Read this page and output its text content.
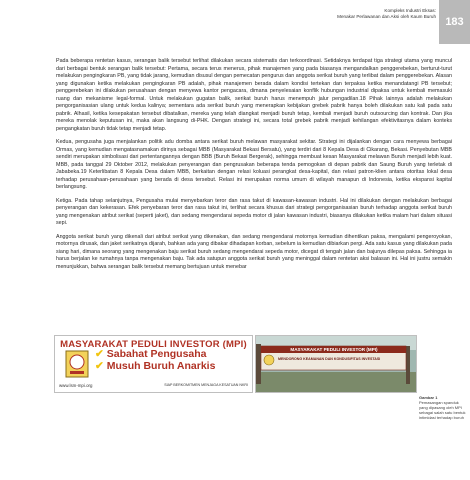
Kompleks Industri Eksas:
Menakar Perlawanan dan Aksi oleh Kaum Buruh 183

Pada beberapa rentetan kasus, serangan balik tersebut terlihat dilakukan secara sistematis dan terkoordinasi. Setidaknya terdapat tiga strategi utama yang muncul dari berbagai bentuk serangan balik tersebut: Pertama, secara terus menerus, pihak manajemen yang pada biasanya mengandalkan penggerebekan, berturut-turut melakukan pengingkaran PB, yang tidak jarang, kemudian disusul dengan pemecatan pengurus dan anggota serikat buruh yang terlibat dalam penggerebekan. Alasan yang digunakan ketika melakukan pengingkaran PB adalah, pihak manajemen berada dalam kondisi tertekan dan terpaksa ketika menandatangi PB tersebut; penggerebekan ini dilakukan perusahaan dengan menyewa kantor pengacara, dimana penyelesaian konflik hubungan industrial dipaksa untuk kembali memasuki ruang dan mekanisme legal-formal. Untuk melakukan gugatan balik, serikat buruh harus menempuh jalur pengadilan.18 Pihak lainnya adalah melakukan pengorganisasian ulang untuk kedua kalinya; sementara ada serikat buruh yang menerapkan kebijakan grebek pabrik hanya boleh dilakukan satu kali pada satu pabrik. Alhasil, ketika kesepakatan tersebut dibatalkan, mereka yang telah diangkat menjadi buruh tetap, kembali menjadi buruh outsourcing dan kontrak. Dan jika mereka menolak keputusan ini, maka akan langsung di-PHK. Dengan strategi ini, secara total grebek pabrik menjadi kehilangan efektivitasnya dalam konteks pengangkatan buruh tidak tetap menjadi tetap.

Kedua, pengusaha juga menjalankan politik adu domba antara serikat buruh melawan masyarakat sekitar. Strategi ini dijalankan dengan cara menyewa berbagai Ormas, yang kemudian mengatasnamakan dirinya sebagai MBB (Masyarakat Bekasi Bersatu), yang terdiri dari 8 Kepala Desa di Cikarang, Bekasi. Penyebutan MBB sendiri merupakan simbolisasi dari pertentangannya dengan BBB (Buruh Bekasi Bergerak), sehingga membuat kesan Masyarakat melawan Buruh menjadi lebih kuat. MBB, pada tanggal 29 Oktober 2012, melakukan penyerangan dan pengrusakan beberapa tenda pemogokan di depan pabrik dan Saung Buruh yang terletak di Jababeka.19 Keterlibatan 8 Kepala Desa dalam MBB, berkaitan dengan relasi koluasi perangkat desa-kapital, dan relasi patron-klien antara otoritas lokal desa terhadap perusahaan-perusahaan yang berada di desa tersebut. Relasi ini merupakan norma umum di wilayah manapun di Indonesia, ketika ekspansi kapital berlangsung.

Ketiga. Pada tahap selanjutnya, Pengusaha mulai menyebarkan teror dan rasa takut di kawasan-kawasan industri. Hal ini dilakukan dengan melakukan berbagai penyerangan dan kekerasan. Efek penyebaran teror dan rasa takut ini, terlihat secara khusus dari strategi pengorganisasian buruh terhadap anggota serikat buruh yang mengenakan atribut serikat (seperti jaket), dan sedang mengendarai sepeda motor di jalan kawasan industri, biasanya dilakukan ketika malam hari dalam situasi sepi.

Anggota serikat buruh yang dikenali dari atribut serikat yang dikenakan, dan sedang mengendarai motornya kemudian dihentikan paksa, mengalami pengeroyokan, motornya dirusak, dan jaket serikatnya dijarah, bahkan ada yang dibakar dihadapan korban, sebelum ia kemudian dibiarkan pergi. Ada satu kasus yang dilakukan pada siang hari, dimana seorang yang mengenakan baju serikat buruh sedang mengendarai sepeda motor, dicegat di tengah jalan dan bajunya dilepas paksa. Sehingga ia harus berjalan ke rumahnya tanpa mengenakan baju. Tak ada satupun anggota serikat buruh yang meninggal dalam rentetan aksi balasan ini. Hal ini justru semakin menunjukkan, bahwa serangan balik tersebut memang bertujuan untuk menebar

MASYARAKAT PEDULI INVESTOR (MPI)
✔ Sabahat Pengusaha
✔ Musuh Buruh Anarkis
www.lsm-mpi.org	SIAP BERKOMITMEN MENJAGA KESATUAN NKRI
MASYARAKAT PEDULI INVESTOR (MPI)
MENDORONG KEAMANAN DAN KONDUSIFITAS INVESTASI
Gambar 1
Pemasangan spanduk yang dipasang oleh MPI sebagai salah satu bentuk intimidasi terhadap buruh
